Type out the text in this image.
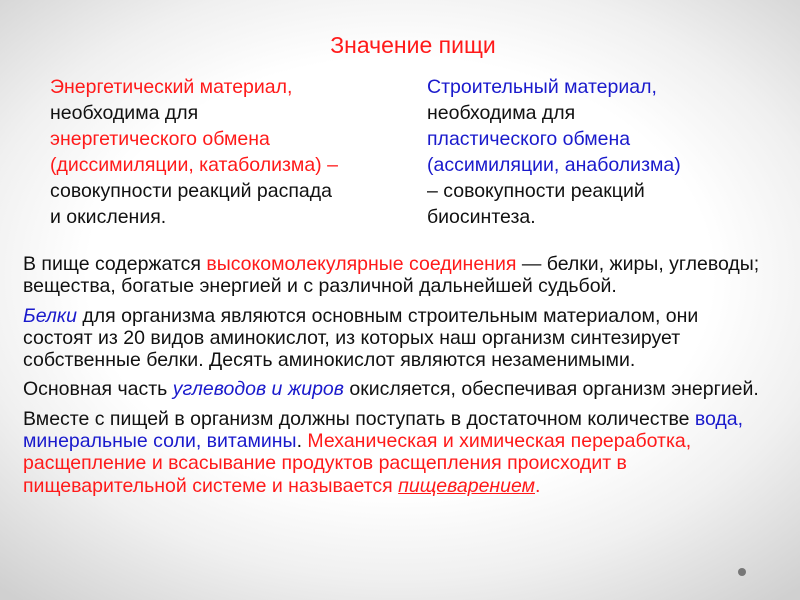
Значение пищи

Энергетический материал,

необходима для

энергетического обмена

(диссимиляции, катаболизма) –

совокупности реакций распада

и окисления.

Строительный материал,

необходима для

пластического обмена

(ассимиляции, анаболизма)

– совокупности реакций

биосинтеза.

В пище содержатся высокомолекулярные соединения — белки, жиры, углеводы; вещества, богатые энергией и с различной дальнейшей судьбой.

Белки для организма являются основным строительным материалом, они состоят из 20 видов аминокислот, из которых наш организм синтезирует собственные белки. Десять аминокислот являются незаменимыми.

Основная часть углеводов и жиров окисляется, обеспечивая организм энергией.

Вместе с пищей в организм должны поступать в достаточном количестве вода, минеральные соли, витамины. Механическая и химическая переработка, расщепление и всасывание продуктов расщепления происходит в пищеварительной системе и называется пищеварением.
